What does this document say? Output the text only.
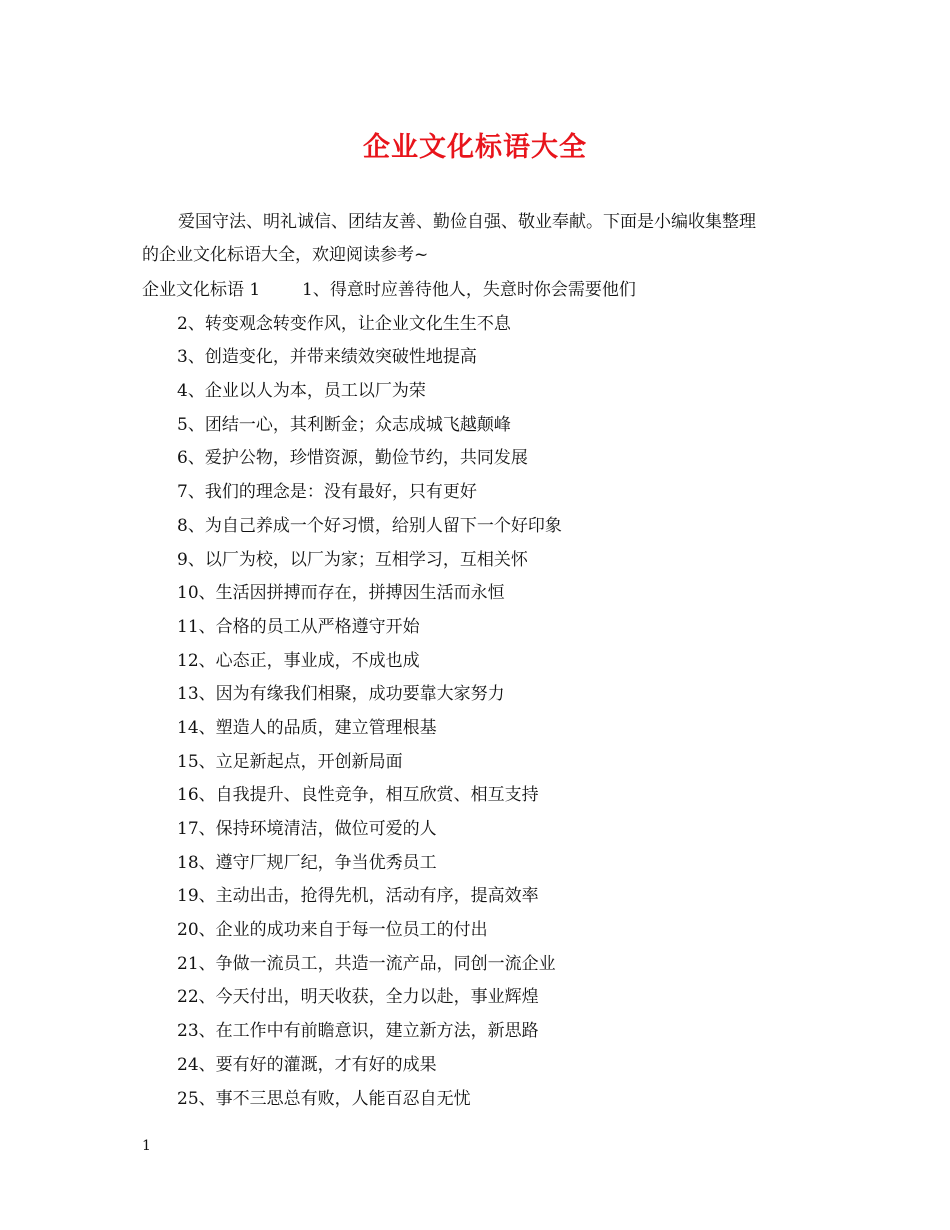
企业文化标语大全
爱国守法、明礼诚信、团结友善、勤俭自强、敬业奉献。下面是小编收集整理
的企业文化标语大全，欢迎阅读参考~
企业文化标语 1 1、得意时应善待他人，失意时你会需要他们
2、转变观念转变作风，让企业文化生生不息
3、创造变化，并带来绩效突破性地提高
4、企业以人为本，员工以厂为荣
5、团结一心，其利断金；众志成城飞越颠峰
6、爱护公物，珍惜资源，勤俭节约，共同发展
7、我们的理念是：没有最好，只有更好
8、为自己养成一个好习惯，给别人留下一个好印象
9、以厂为校，以厂为家；互相学习，互相关怀
10、生活因拼搏而存在，拼搏因生活而永恒
11、合格的员工从严格遵守开始
12、心态正，事业成，不成也成
13、因为有缘我们相聚，成功要靠大家努力
14、塑造人的品质，建立管理根基
15、立足新起点，开创新局面
16、自我提升、良性竞争，相互欣赏、相互支持
17、保持环境清洁，做位可爱的人
18、遵守厂规厂纪，争当优秀员工
19、主动出击，抢得先机，活动有序，提高效率
20、企业的成功来自于每一位员工的付出
21、争做一流员工，共造一流产品，同创一流企业
22、今天付出，明天收获，全力以赴，事业辉煌
23、在工作中有前瞻意识，建立新方法，新思路
24、要有好的灌溉，才有好的成果
25、事不三思总有败，人能百忍自无忧
1
